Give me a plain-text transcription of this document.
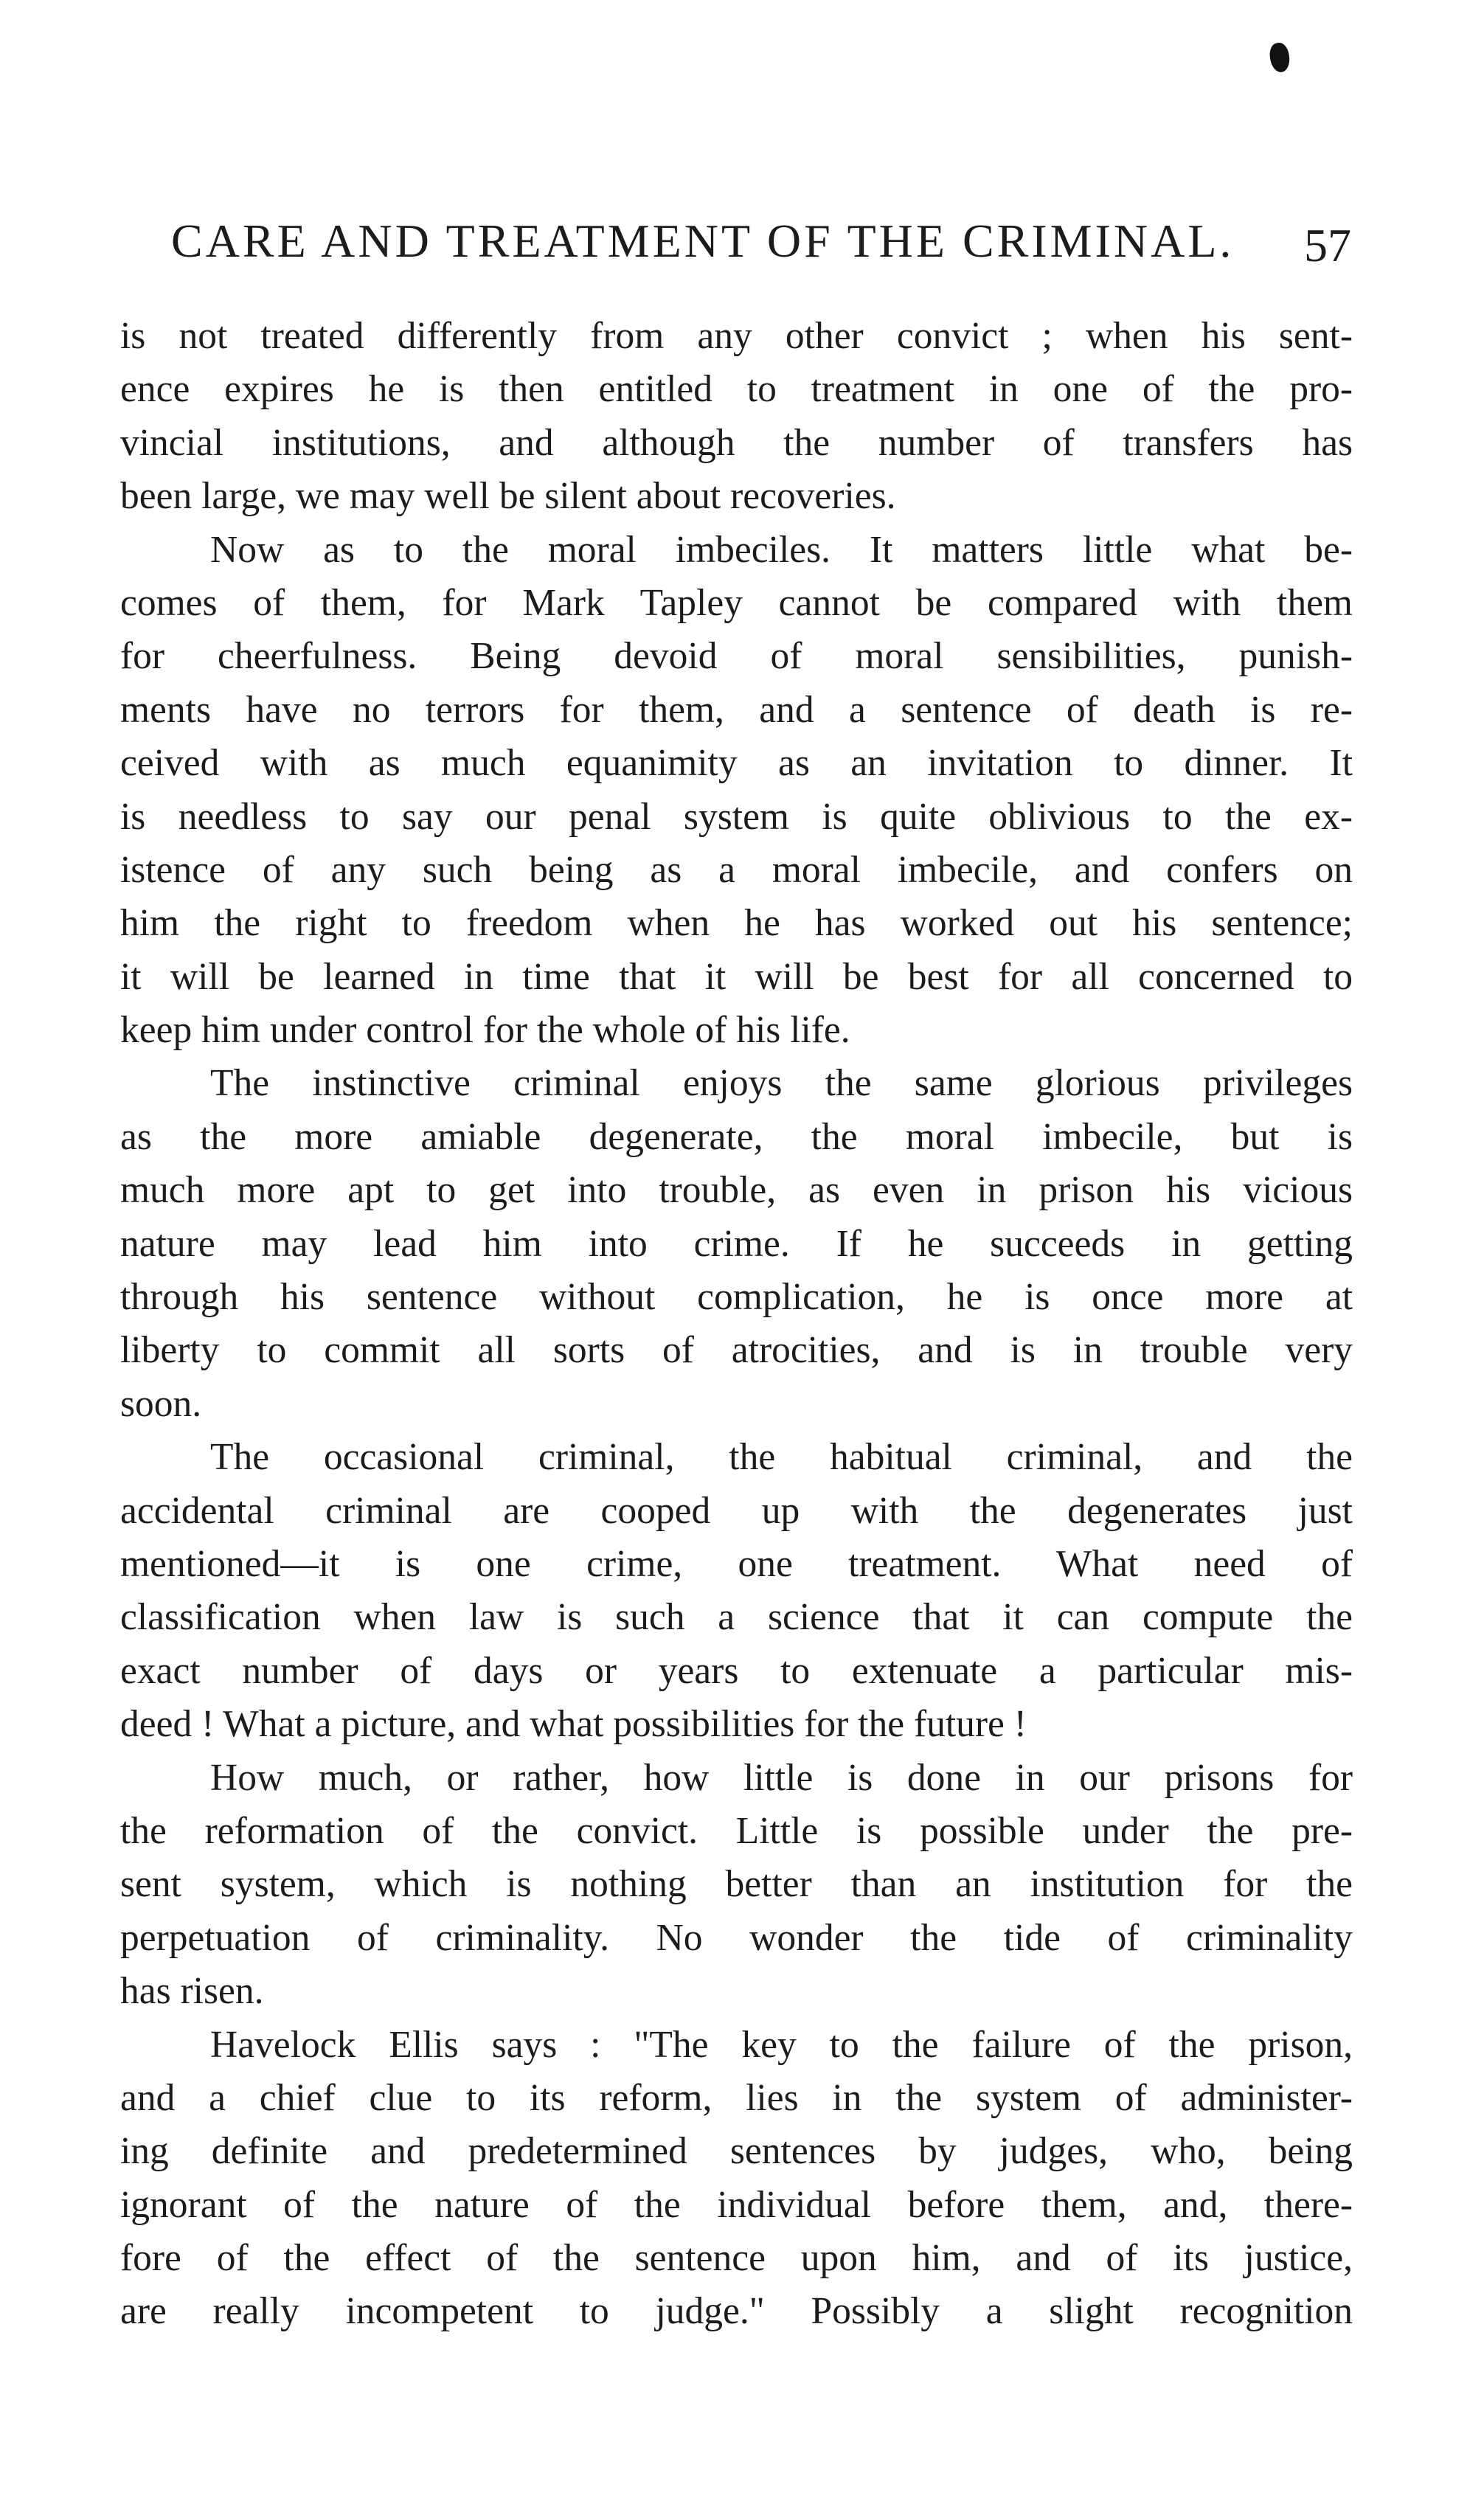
CARE AND TREATMENT OF THE CRIMINAL. 57
is not treated differently from any other convict ; when his sent-
ence expires he is then entitled to treatment in one of the pro-
vincial institutions, and although the number of transfers has
been large, we may well be silent about recoveries.
Now as to the moral imbeciles. It matters little what be-
comes of them, for Mark Tapley cannot be compared with them
for cheerfulness. Being devoid of moral sensibilities, punish-
ments have no terrors for them, and a sentence of death is re-
ceived with as much equanimity as an invitation to dinner. It
is needless to say our penal system is quite oblivious to the ex-
istence of any such being as a moral imbecile, and confers on
him the right to freedom when he has worked out his sentence;
it will be learned in time that it will be best for all concerned to
keep him under control for the whole of his life.
The instinctive criminal enjoys the same glorious privileges
as the more amiable degenerate, the moral imbecile, but is
much more apt to get into trouble, as even in prison his vicious
nature may lead him into crime. If he succeeds in getting
through his sentence without complication, he is once more at
liberty to commit all sorts of atrocities, and is in trouble very
soon.
The occasional criminal, the habitual criminal, and the
accidental criminal are cooped up with the degenerates just
mentioned—it is one crime, one treatment. What need of
classification when law is such a science that it can compute the
exact number of days or years to extenuate a particular mis-
deed ! What a picture, and what possibilities for the future !
How much, or rather, how little is done in our prisons for
the reformation of the convict. Little is possible under the pre-
sent system, which is nothing better than an institution for the
perpetuation of criminality. No wonder the tide of criminality
has risen.
Havelock Ellis says : "The key to the failure of the prison,
and a chief clue to its reform, lies in the system of administer-
ing definite and predetermined sentences by judges, who, being
ignorant of the nature of the individual before them, and, there-
fore of the effect of the sentence upon him, and of its justice,
are really incompetent to judge." Possibly a slight recognition
